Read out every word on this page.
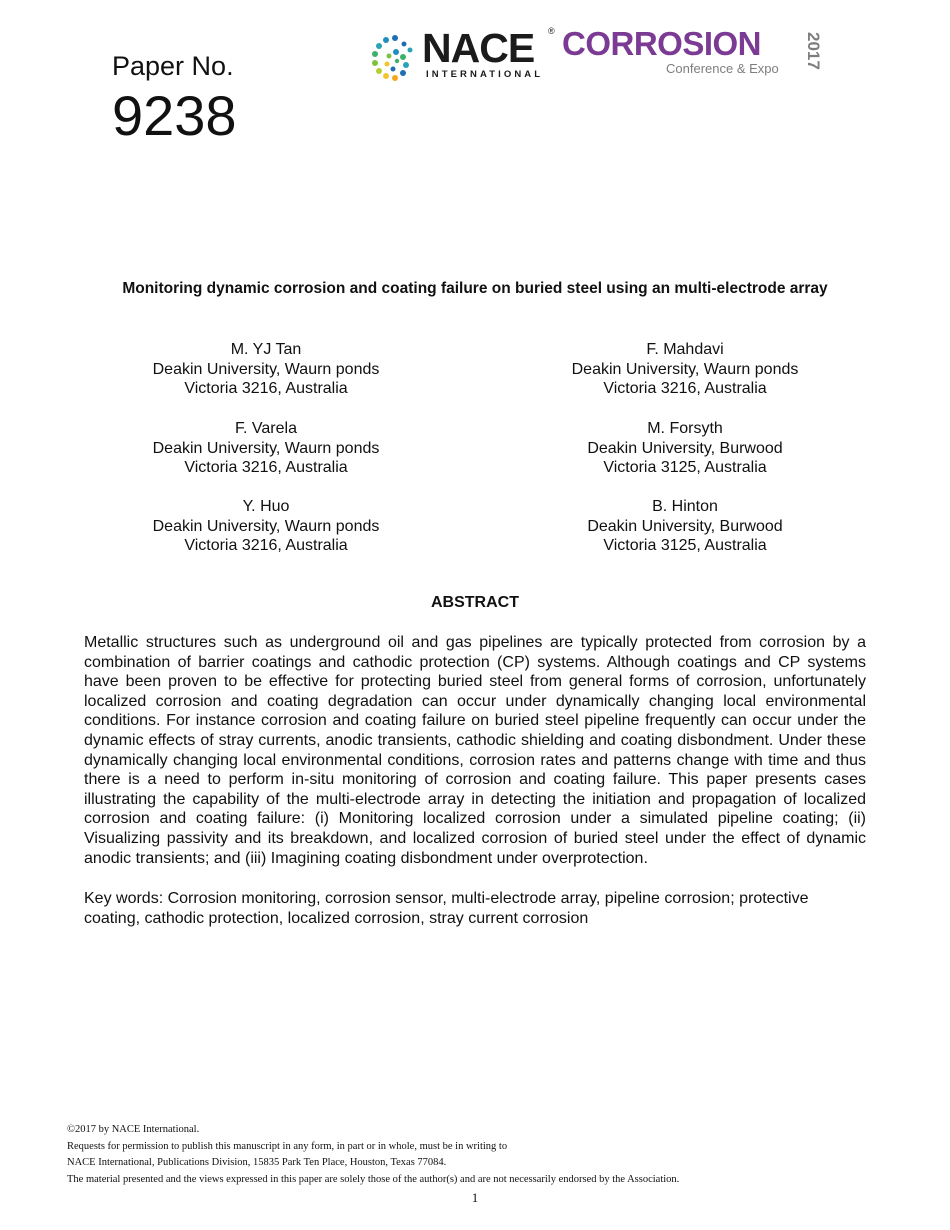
Paper No.
9238
NACE ®
INTERNATIONAL
CORROSION
Conference & Expo 2017
Monitoring dynamic corrosion and coating failure on buried steel using an multi-electrode array
M. YJ Tan
Deakin University, Waurn ponds
Victoria 3216, Australia
F. Mahdavi
Deakin University, Waurn ponds
Victoria 3216, Australia
F. Varela
Deakin University, Waurn ponds
Victoria 3216, Australia
M. Forsyth
Deakin University, Burwood
Victoria 3125, Australia
Y. Huo
Deakin University, Waurn ponds
Victoria 3216, Australia
B. Hinton
Deakin University, Burwood
Victoria 3125, Australia
ABSTRACT

Metallic structures such as underground oil and gas pipelines are typically protected from corrosion by a combination of barrier coatings and cathodic protection (CP) systems. Although coatings and CP systems have been proven to be effective for protecting buried steel from general forms of corrosion, unfortunately localized corrosion and coating degradation can occur under dynamically changing local environmental conditions. For instance corrosion and coating failure on buried steel pipeline frequently can occur under the dynamic effects of stray currents, anodic transients, cathodic shielding and coating disbondment. Under these dynamically changing local environmental conditions, corrosion rates and patterns change with time and thus there is a need to perform in-situ monitoring of corrosion and coating failure. This paper presents cases illustrating the capability of the multi-electrode array in detecting the initiation and propagation of localized corrosion and coating failure: (i) Monitoring localized corrosion under a simulated pipeline coating; (ii) Visualizing passivity and its breakdown, and localized corrosion of buried steel under the effect of dynamic anodic transients; and (iii) Imagining coating disbondment under overprotection.

Key words: Corrosion monitoring, corrosion sensor, multi-electrode array, pipeline corrosion; protective coating, cathodic protection, localized corrosion, stray current corrosion

©2017 by NACE International.
Requests for permission to publish this manuscript in any form, in part or in whole, must be in writing to
NACE International, Publications Division, 15835 Park Ten Place, Houston, Texas 77084.
The material presented and the views expressed in this paper are solely those of the author(s) and are not necessarily endorsed by the Association.
1
